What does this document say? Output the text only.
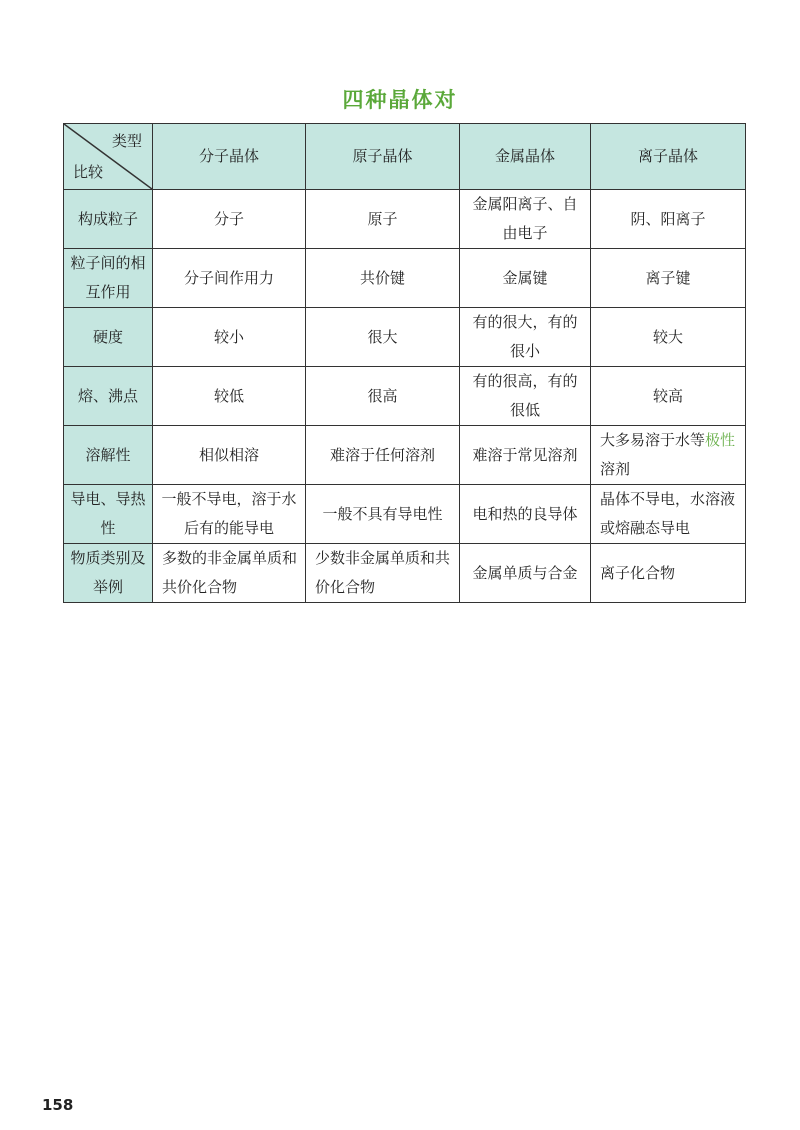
四种晶体对
类型
比较	分子晶体	原子晶体	金属晶体	离子晶体
构成粒子	分子	原子	金属阳离子、自由电子	阴、阳离子
粒子间的相互作用	分子间作用力	共价键	金属键	离子键
硬度	较小	很大	有的很大，有的很小	较大
熔、沸点	较低	很高	有的很高，有的很低	较高
溶解性	相似相溶	难溶于任何溶剂	难溶于常见溶剂	大多易溶于水等极性溶剂
导电、导热性	一般不导电，溶于水后有的能导电	一般不具有导电性	电和热的良导体	晶体不导电，水溶液或熔融态导电
物质类别及举例	多数的非金属单质和共价化合物	少数非金属单质和共价化合物	金属单质与合金	离子化合物
158
